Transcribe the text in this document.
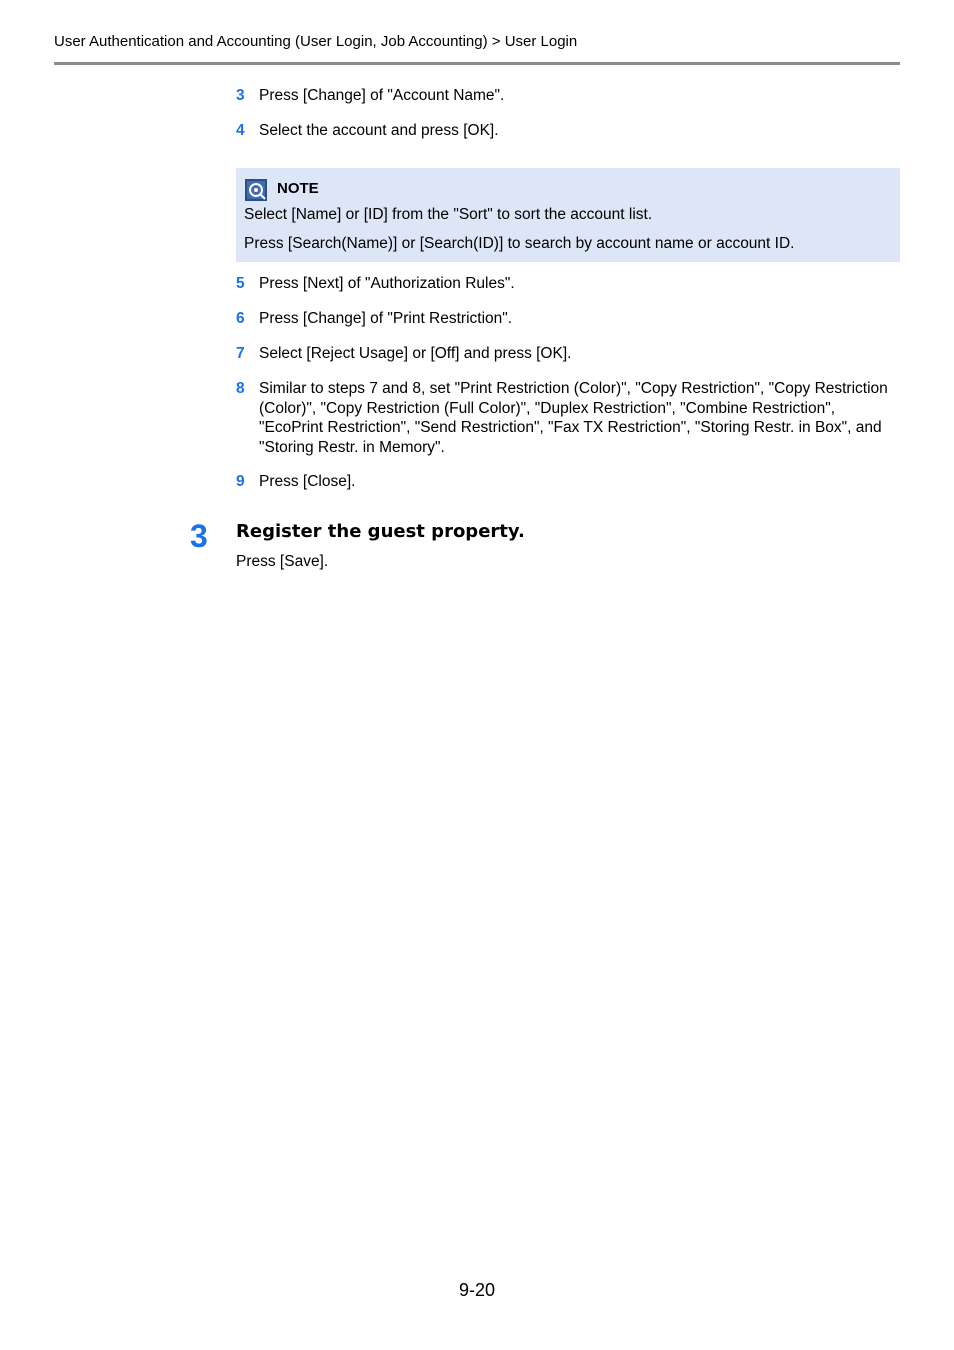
User Authentication and Accounting (User Login, Job Accounting) > User Login
3 Press [Change] of "Account Name".
4 Select the account and press [OK].
NOTE
Select [Name] or [ID] from the "Sort" to sort the account list.
Press [Search(Name)] or [Search(ID)] to search by account name or account ID.
5 Press [Next] of "Authorization Rules".
6 Press [Change] of "Print Restriction".
7 Select [Reject Usage] or [Off] and press [OK].
8 Similar to steps 7 and 8, set "Print Restriction (Color)", "Copy Restriction", "Copy Restriction (Color)", "Copy Restriction (Full Color)", "Duplex Restriction", "Combine Restriction", "EcoPrint Restriction", "Send Restriction", "Fax TX Restriction", "Storing Restr. in Box", and "Storing Restr. in Memory".
9 Press [Close].
3 Register the guest property.
Press [Save].
9-20
